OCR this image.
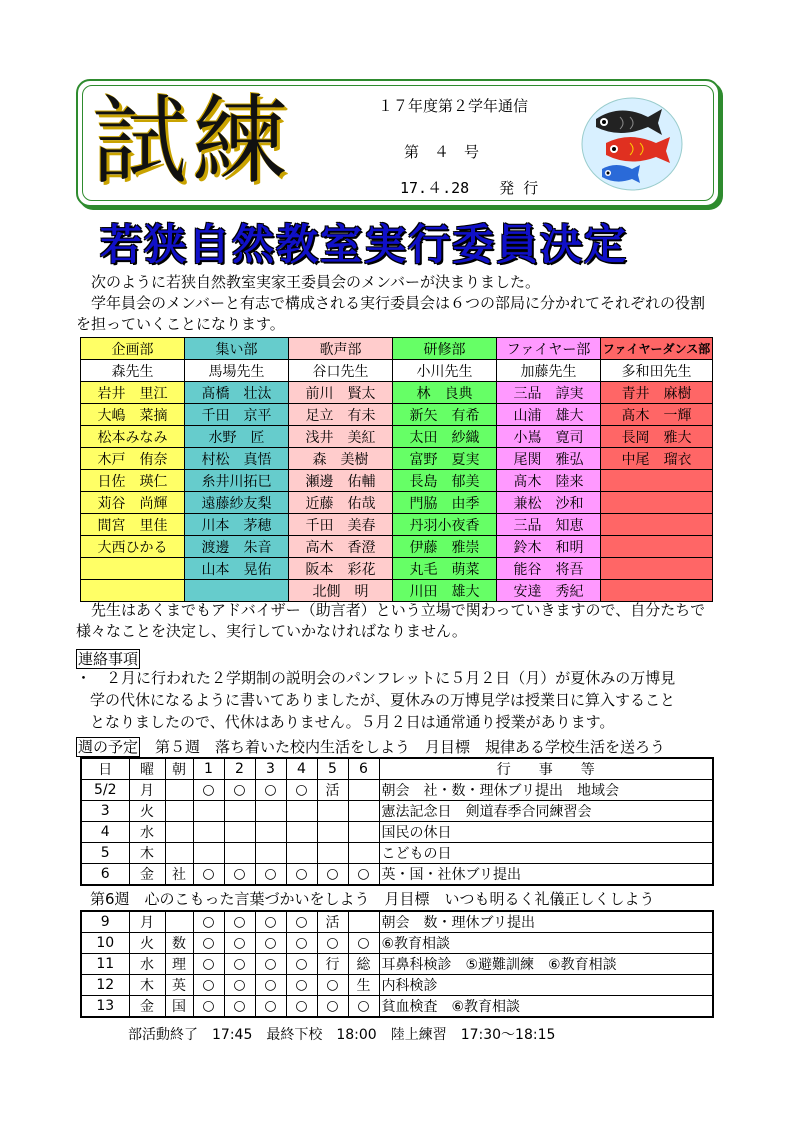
試練	１７年度第２学年通信
第　４　号
17.４.28　　発 行
若狭自然教室実行委員決定
　次のように若狭自然教室実家王委員会のメンバーが決まりました。
　学年員会のメンバーと有志で構成される実行委員会は６つの部局に分かれてそれぞれの役割を担っていくことになります。
企画部	集い部	歌声部	研修部	ファイヤー部	ファイヤーダンス部
森先生	馬場先生	谷口先生	小川先生	加藤先生	多和田先生
岩井　里江	髙橋　壮汰	前川　賢太	林　良典	三品　諄実	青井　麻樹
大嶋　菜摘	千田　京平	足立　有未	新矢　有希	山浦　雄大	髙木　一輝
松本みなみ	水野　匠	浅井　美紅	太田　紗織	小嶌　寛司	長岡　雅大
木戸　侑奈	村松　真悟	森　美樹	富野　夏実	尾関　雅弘	中尾　瑠衣
日佐　瑛仁	糸井川拓巳	瀬邊　佑輔	長島　郁美	髙木　陸来	
苅谷　尚輝	遠藤紗友梨	近藤　佑哉	門脇　由季	兼松　沙和	
間宮　里佳	川本　茅穂	千田　美春	丹羽小夜香	三品　知恵	
大西ひかる	渡邊　朱音	高木　香澄	伊藤　雅崇	鈴木　和明	
	山本　晃佑	阪本　彩花	丸毛　萌菜	能谷　将吾	
		北側　明	川田　雄大	安達　秀紀	
　先生はあくまでもアドバイザー（助言者）という立場で関わっていきますので、自分たちで様々なことを決定し、実行していかなければなりません。
連絡事項
・　２月に行われた２学期制の説明会のパンフレットに５月２日（月）が夏休みの万博見
学の代休になるように書いてありましたが、夏休みの万博見学は授業日に算入すること
となりましたので、代休はありません。５月２日は通常通り授業があります。
週の予定　第５週　落ち着いた校内生活をしよう　月目標　規律ある学校生活を送ろう
日	曜	朝	1	2	3	4	5	6	行　　事　　等
5/2	月		○	○	○	○	活		朝会　社・数・理休ブリ提出　地域会
3	火								憲法記念日　剣道春季合同練習会
4	水								国民の休日
5	木								こどもの日
6	金	社	○	○	○	○	○	○	英・国・社休ブリ提出
第6週　心のこもった言葉づかいをしよう　月目標　いつも明るく礼儀正しくしよう
9	月		○	○	○	○	活		朝会　数・理休ブリ提出
10	火	数	○	○	○	○	○	○	⑥教育相談
11	水	理	○	○	○	○	行	総	耳鼻科検診　⑤避難訓練　⑥教育相談
12	木	英	○	○	○	○	○	生	内科検診
13	金	国	○	○	○	○	○	○	貧血検査　⑥教育相談
部活動終了　17:45　最終下校　18:00　陸上練習　17:30〜18:15
